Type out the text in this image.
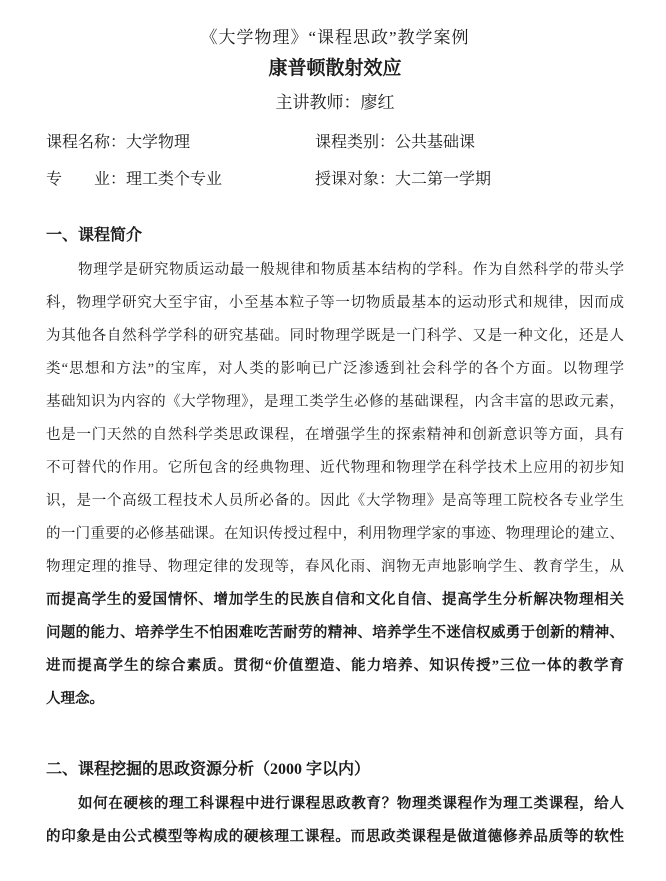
《大学物理》“课程思政”教学案例
康普顿散射效应
主讲教师：廖红
课程名称：大学物理	课程类别：公共基础课
专　　业：理工类个专业	授课对象：大二第一学期
一、课程简介
物理学是研究物质运动最一般规律和物质基本结构的学科。作为自然科学的带头学
科，物理学研究大至宇宙，小至基本粒子等一切物质最基本的运动形式和规律，因而成
为其他各自然科学学科的研究基础。同时物理学既是一门科学、又是一种文化，还是人
类“思想和方法”的宝库，对人类的影响已广泛渗透到社会科学的各个方面。以物理学
基础知识为内容的《大学物理》，是理工类学生必修的基础课程，内含丰富的思政元素，
也是一门天然的自然科学类思政课程，在增强学生的探索精神和创新意识等方面，具有
不可替代的作用。它所包含的经典物理、近代物理和物理学在科学技术上应用的初步知
识，是一个高级工程技术人员所必备的。因此《大学物理》是高等理工院校各专业学生
的一门重要的必修基础课。在知识传授过程中，利用物理学家的事迹、物理理论的建立、
物理定理的推导、物理定律的发现等，春风化雨、润物无声地影响学生、教育学生，从
而提高学生的爱国情怀、增加学生的民族自信和文化自信、提高学生分析解决物理相关
问题的能力、培养学生不怕困难吃苦耐劳的精神、培养学生不迷信权威勇于创新的精神、
进而提高学生的综合素质。贯彻“价值塑造、能力培养、知识传授”三位一体的教学育
人理念。
二、课程挖掘的思政资源分析（2000 字以内）
如何在硬核的理工科课程中进行课程思政教育？物理类课程作为理工类课程，给人
的印象是由公式模型等构成的硬核理工课程。而思政类课程是做道德修养品质等的软性
